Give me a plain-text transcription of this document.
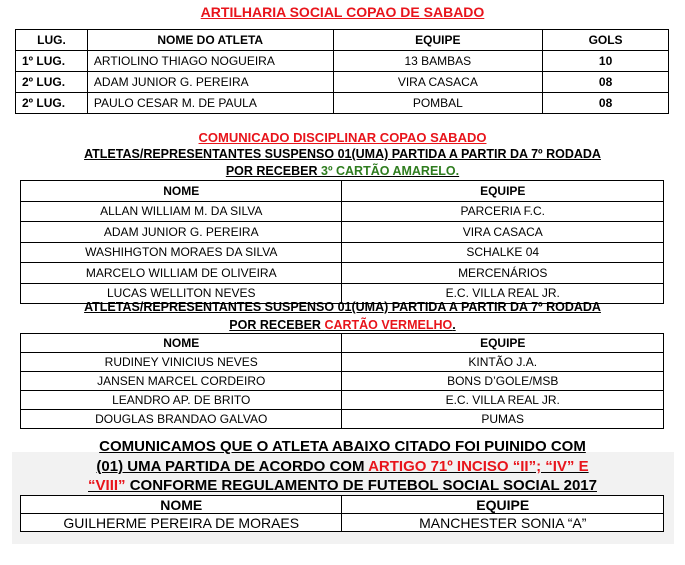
ARTILHARIA SOCIAL COPAO DE SABADO
LUG.	NOME DO ATLETA	EQUIPE	GOLS
1º LUG.	ARTIOLINO THIAGO NOGUEIRA	13 BAMBAS	10
2º LUG.	ADAM JUNIOR G. PEREIRA	VIRA CASACA	08
2º LUG.	PAULO CESAR M. DE PAULA	POMBAL	08
COMUNICADO DISCIPLINAR COPAO SABADO
ATLETAS/REPRESENTANTES SUSPENSO 01(UMA) PARTIDA A PARTIR DA 7º RODADA
POR RECEBER 3º CARTÃO AMARELO.
NOME	EQUIPE
ALLAN WILLIAM M. DA SILVA	PARCERIA F.C.
ADAM JUNIOR G. PEREIRA	VIRA CASACA
WASHIHGTON MORAES DA SILVA	SCHALKE 04
MARCELO WILLIAM DE OLIVEIRA	MERCENÁRIOS
LUCAS WELLITON NEVES	E.C. VILLA REAL JR.
ATLETAS/REPRESENTANTES SUSPENSO 01(UMA) PARTIDA A PARTIR DA 7º RODADA
POR RECEBER CARTÃO VERMELHO.
NOME	EQUIPE
RUDINEY VINICIUS NEVES	KINTÃO J.A.
JANSEN MARCEL CORDEIRO	BONS D’GOLE/MSB
LEANDRO AP. DE BRITO	E.C. VILLA REAL JR.
DOUGLAS BRANDAO GALVAO	PUMAS
COMUNICAMOS QUE O ATLETA ABAIXO CITADO FOI PUINIDO COM
(01) UMA PARTIDA DE ACORDO COM ARTIGO 71º INCISO “II”; “IV” E
“VIII” CONFORME REGULAMENTO DE FUTEBOL SOCIAL SOCIAL 2017
NOME	EQUIPE
GUILHERME PEREIRA DE MORAES	MANCHESTER SONIA “A”
